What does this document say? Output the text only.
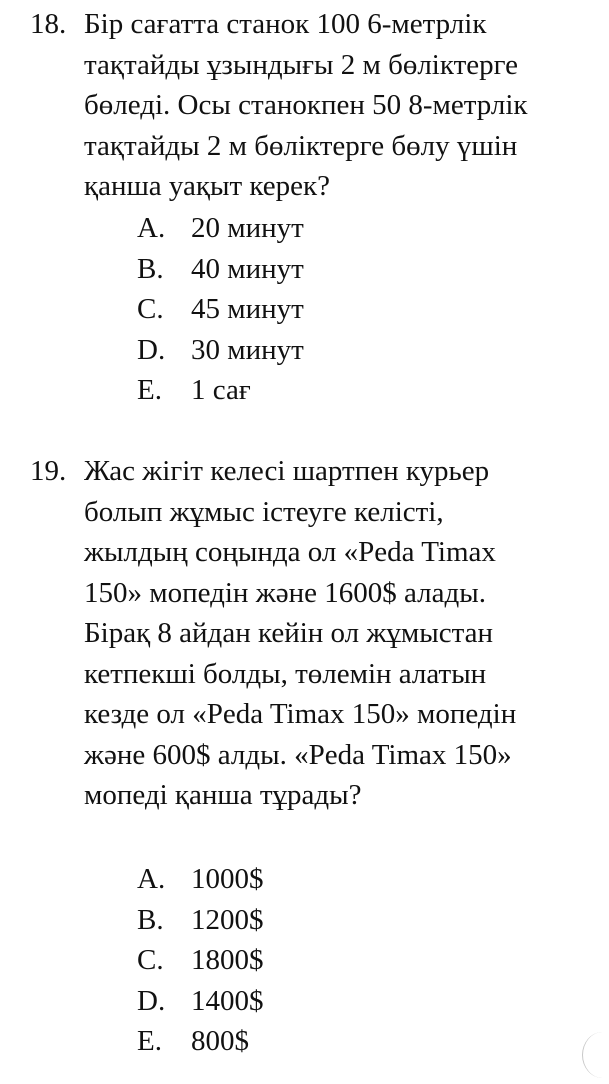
18. Бір сағатта станок 100 6-метрлік
тақтайды ұзындығы 2 м бөліктерге
бөледі. Осы станокпен 50 8-метрлік
тақтайды 2 м бөліктерге бөлу үшін
қанша уақыт керек?
A. 20 минут
B. 40 минут
C. 45 минут
D. 30 минут
E. 1 сағ
19. Жас жігіт келесі шартпен курьер
болып жұмыс істеуге келісті,
жылдың соңында ол «Peda Timax
150» мопедін және 1600$ алады.
Бірақ 8 айдан кейін ол жұмыстан
кетпекші болды, төлемін алатын
кезде ол «Peda Timax 150» мопедін
және 600$ алды. «Peda Timax 150»
мопеді қанша тұрады?
A. 1000$
B. 1200$
C. 1800$
D. 1400$
E. 800$
